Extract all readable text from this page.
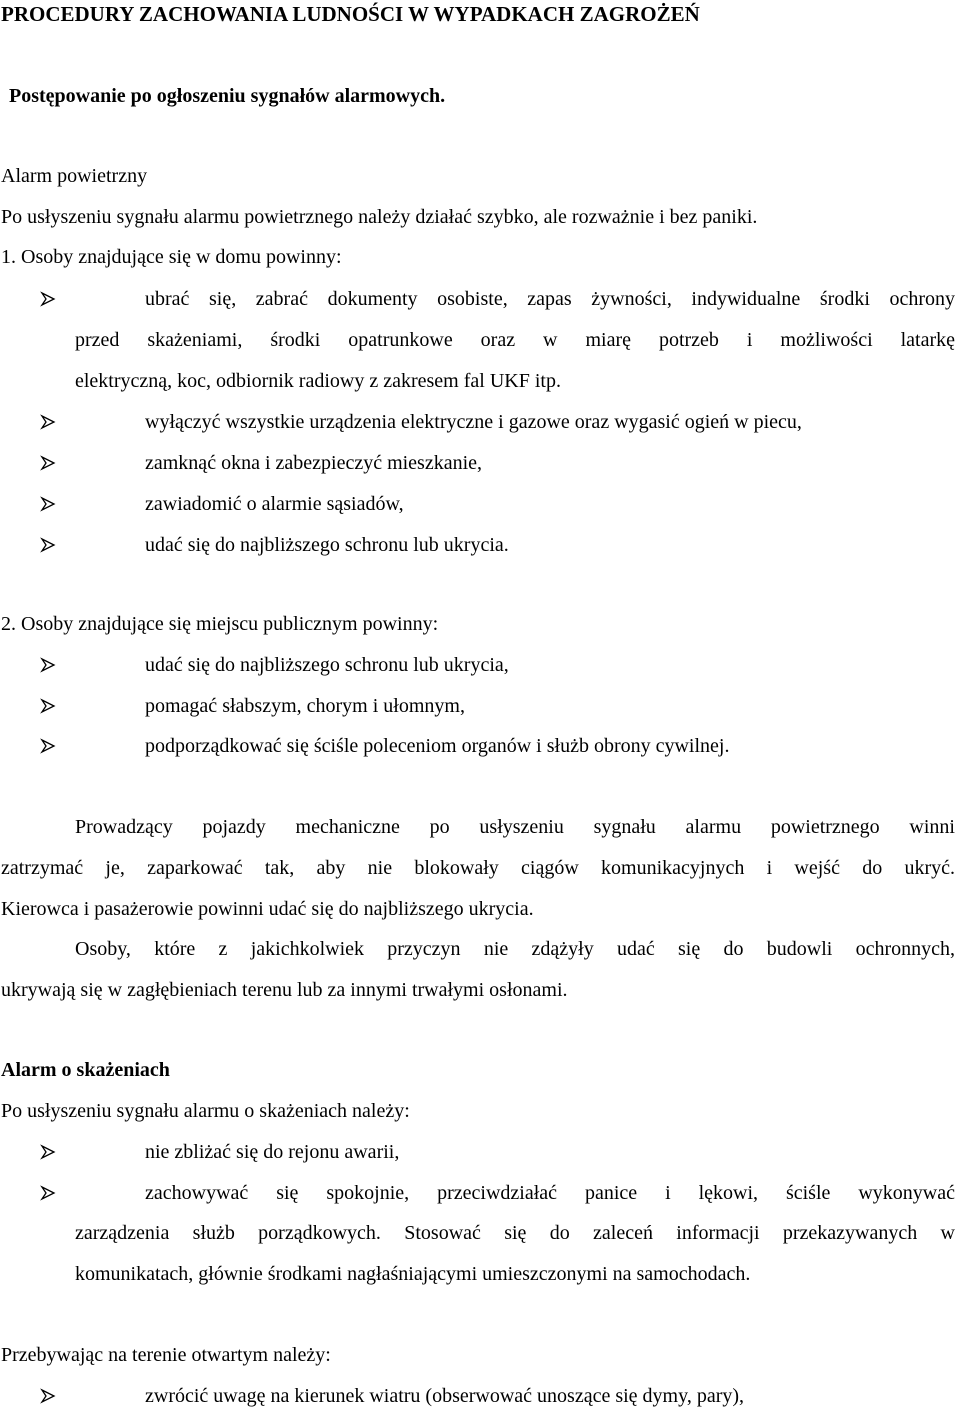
PROCEDURY ZACHOWANIA LUDNOŚCI W WYPADKACH ZAGROŻEŃ
Postępowanie po ogłoszeniu sygnałów alarmowych.
Alarm powietrzny
Po usłyszeniu sygnału alarmu powietrznego należy działać szybko, ale rozważnie i bez paniki.
1. Osoby znajdujące się w domu powinny:
ubrać się, zabrać dokumenty osobiste, zapas żywności, indywidualne środki ochrony
przed skażeniami, środki opatrunkowe oraz w miarę potrzeb i możliwości latarkę
elektryczną, koc, odbiornik radiowy z zakresem fal UKF itp.
wyłączyć wszystkie urządzenia elektryczne i gazowe oraz wygasić ogień w piecu,
zamknąć okna i zabezpieczyć mieszkanie,
zawiadomić o alarmie sąsiadów,
udać się do najbliższego schronu lub ukrycia.
2. Osoby znajdujące się miejscu publicznym powinny:
udać się do najbliższego schronu lub ukrycia,
pomagać słabszym, chorym i ułomnym,
podporządkować się ściśle poleceniom organów i służb obrony cywilnej.
Prowadzący pojazdy mechaniczne po usłyszeniu sygnału alarmu powietrznego winni
zatrzymać je, zaparkować tak, aby nie blokowały ciągów komunikacyjnych i wejść do ukryć.
Kierowca i pasażerowie powinni udać się do najbliższego ukrycia.
Osoby, które z jakichkolwiek przyczyn nie zdążyły udać się do budowli ochronnych,
ukrywają się w zagłębieniach terenu lub za innymi trwałymi osłonami.
Alarm o skażeniach
Po usłyszeniu sygnału alarmu o skażeniach należy:
nie zbliżać się do rejonu awarii,
zachowywać się spokojnie, przeciwdziałać panice i lękowi, ściśle wykonywać
zarządzenia służb porządkowych. Stosować się do zaleceń informacji przekazywanych w
komunikatach, głównie środkami nagłaśniającymi umieszczonymi na samochodach.
Przebywając na terenie otwartym należy:
zwrócić uwagę na kierunek wiatru (obserwować unoszące się dymy, pary),
